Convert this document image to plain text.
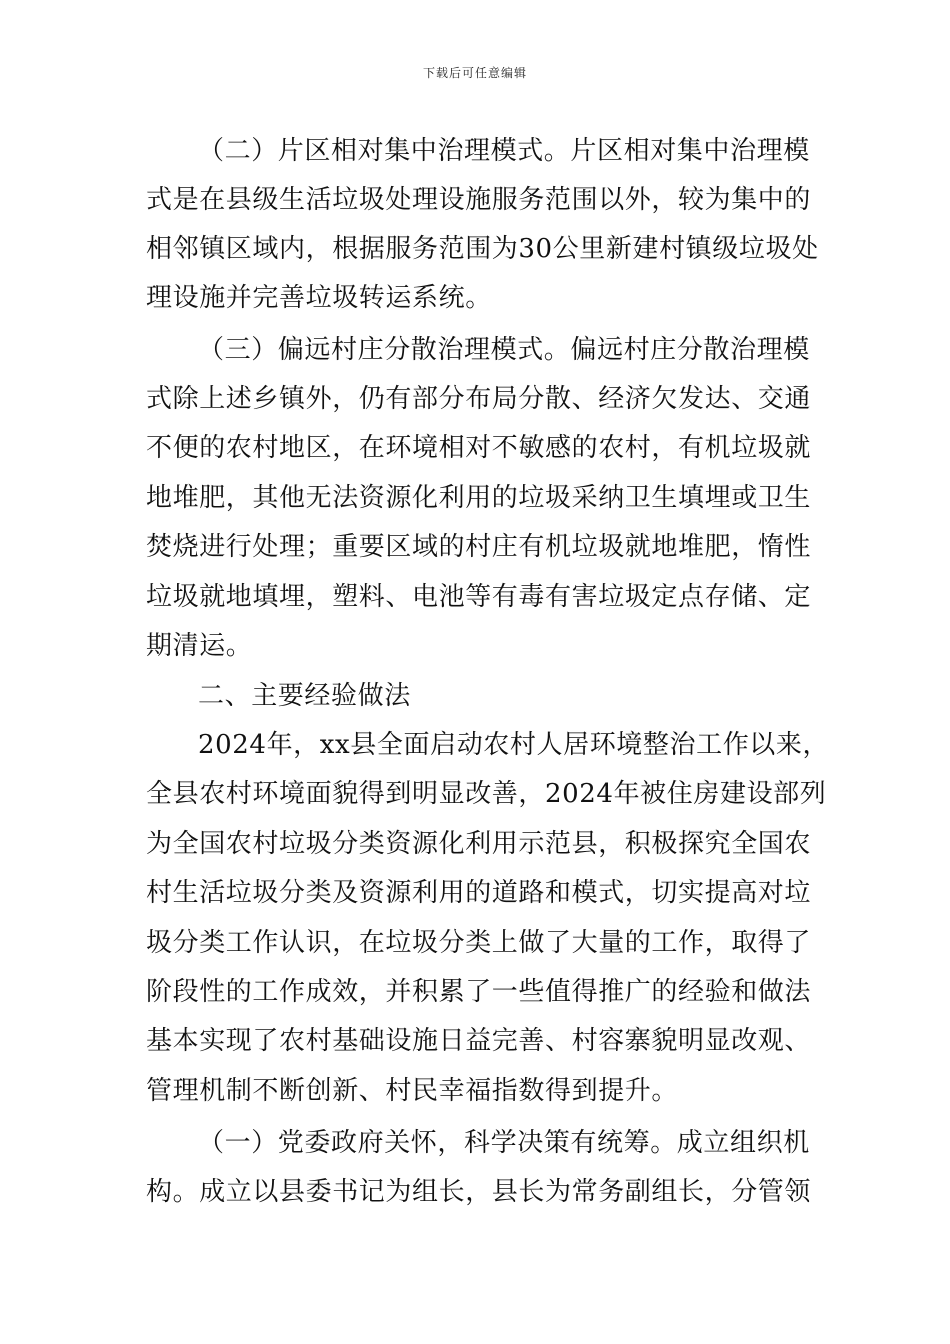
下载后可任意编辑
（二）片区相对集中治理模式。片区相对集中治理模
式是在县级生活垃圾处理设施服务范围以外，较为集中的
相邻镇区域内，根据服务范围为30公里新建村镇级垃圾处
理设施并完善垃圾转运系统。
（三）偏远村庄分散治理模式。偏远村庄分散治理模
式除上述乡镇外，仍有部分布局分散、经济欠发达、交通
不便的农村地区，在环境相对不敏感的农村，有机垃圾就
地堆肥，其他无法资源化利用的垃圾采纳卫生填埋或卫生
焚烧进行处理；重要区域的村庄有机垃圾就地堆肥，惰性
垃圾就地填埋，塑料、电池等有毒有害垃圾定点存储、定
期清运。
二、主要经验做法
2024年，xx县全面启动农村人居环境整治工作以来，
全县农村环境面貌得到明显改善，2024年被住房建设部列
为全国农村垃圾分类资源化利用示范县，积极探究全国农
村生活垃圾分类及资源利用的道路和模式，切实提高对垃
圾分类工作认识，在垃圾分类上做了大量的工作，取得了
阶段性的工作成效，并积累了一些值得推广的经验和做法
基本实现了农村基础设施日益完善、村容寨貌明显改观、
管理机制不断创新、村民幸福指数得到提升。
（一）党委政府关怀，科学决策有统筹。成立组织机
构。成立以县委书记为组长，县长为常务副组长，分管领
